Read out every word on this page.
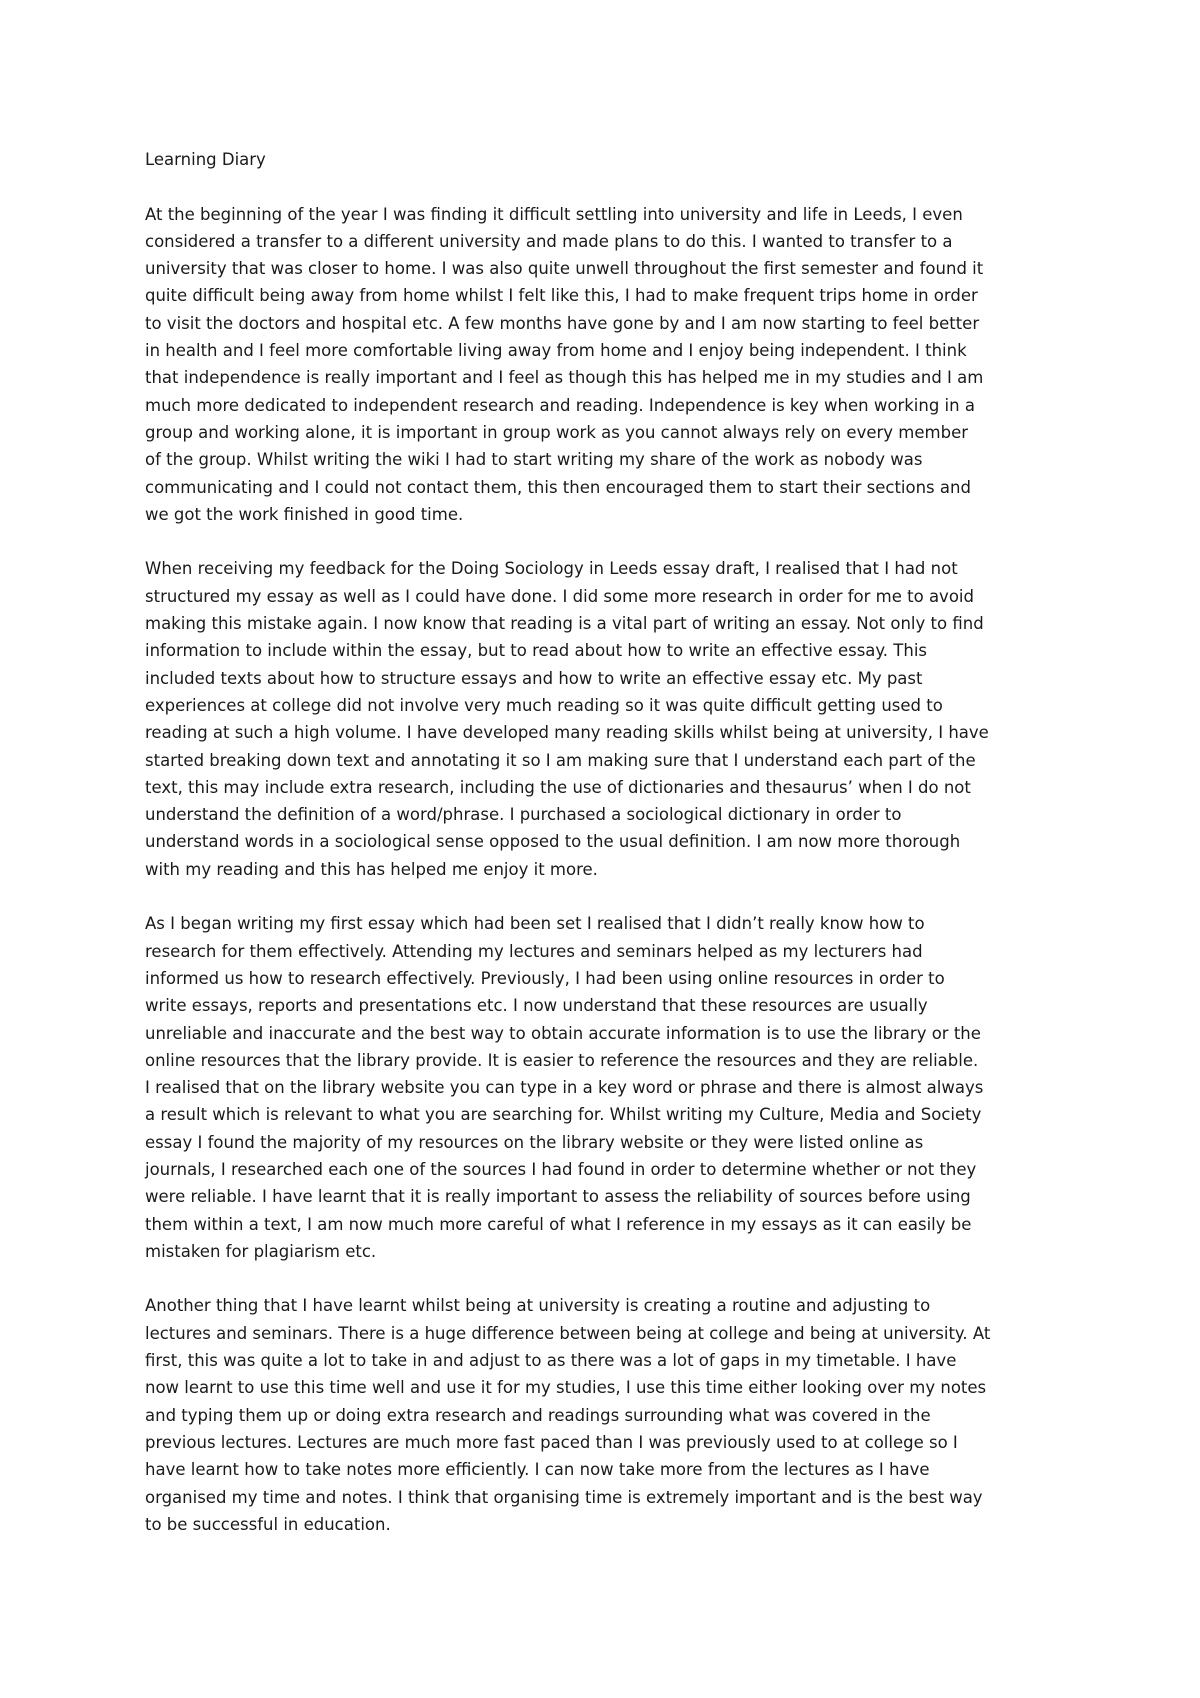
Learning Diary
At the beginning of the year I was finding it difficult settling into university and life in Leeds, I even
considered a transfer to a different university and made plans to do this. I wanted to transfer to a
university that was closer to home. I was also quite unwell throughout the first semester and found it
quite difficult being away from home whilst I felt like this, I had to make frequent trips home in order
to visit the doctors and hospital etc. A few months have gone by and I am now starting to feel better
in health and I feel more comfortable living away from home and I enjoy being independent. I think
that independence is really important and I feel as though this has helped me in my studies and I am
much more dedicated to independent research and reading. Independence is key when working in a
group and working alone, it is important in group work as you cannot always rely on every member
of the group. Whilst writing the wiki I had to start writing my share of the work as nobody was
communicating and I could not contact them, this then encouraged them to start their sections and
we got the work finished in good time.
When receiving my feedback for the Doing Sociology in Leeds essay draft, I realised that I had not
structured my essay as well as I could have done. I did some more research in order for me to avoid
making this mistake again. I now know that reading is a vital part of writing an essay. Not only to find
information to include within the essay, but to read about how to write an effective essay. This
included texts about how to structure essays and how to write an effective essay etc. My past
experiences at college did not involve very much reading so it was quite difficult getting used to
reading at such a high volume. I have developed many reading skills whilst being at university, I have
started breaking down text and annotating it so I am making sure that I understand each part of the
text, this may include extra research, including the use of dictionaries and thesaurus’ when I do not
understand the definition of a word/phrase. I purchased a sociological dictionary in order to
understand words in a sociological sense opposed to the usual definition. I am now more thorough
with my reading and this has helped me enjoy it more.
As I began writing my first essay which had been set I realised that I didn’t really know how to
research for them effectively. Attending my lectures and seminars helped as my lecturers had
informed us how to research effectively. Previously, I had been using online resources in order to
write essays, reports and presentations etc. I now understand that these resources are usually
unreliable and inaccurate and the best way to obtain accurate information is to use the library or the
online resources that the library provide. It is easier to reference the resources and they are reliable.
I realised that on the library website you can type in a key word or phrase and there is almost always
a result which is relevant to what you are searching for. Whilst writing my Culture, Media and Society
essay I found the majority of my resources on the library website or they were listed online as
journals, I researched each one of the sources I had found in order to determine whether or not they
were reliable. I have learnt that it is really important to assess the reliability of sources before using
them within a text, I am now much more careful of what I reference in my essays as it can easily be
mistaken for plagiarism etc.
Another thing that I have learnt whilst being at university is creating a routine and adjusting to
lectures and seminars. There is a huge difference between being at college and being at university. At
first, this was quite a lot to take in and adjust to as there was a lot of gaps in my timetable. I have
now learnt to use this time well and use it for my studies, I use this time either looking over my notes
and typing them up or doing extra research and readings surrounding what was covered in the
previous lectures. Lectures are much more fast paced than I was previously used to at college so I
have learnt how to take notes more efficiently. I can now take more from the lectures as I have
organised my time and notes. I think that organising time is extremely important and is the best way
to be successful in education.
